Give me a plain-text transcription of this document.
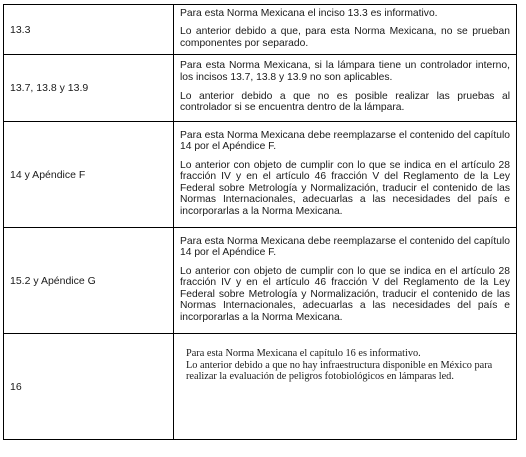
13.3	Para esta Norma Mexicana el inciso 13.3 es informativo.

Lo anterior debido a que, para esta Norma Mexicana, no se prueban componentes por separado.

13.7, 13.8 y 13.9	Para esta Norma Mexicana, si la lámpara tiene un controlador interno, los incisos 13.7, 13.8 y 13.9 no son aplicables.

Lo anterior debido a que no es posible realizar las pruebas al controlador si se encuentra dentro de la lámpara.

14 y Apéndice F	Para esta Norma Mexicana debe reemplazarse el contenido del capítulo 14 por el Apéndice F.

Lo anterior con objeto de cumplir con lo que se indica en el artículo 28 fracción IV y en el artículo 46 fracción V del Reglamento de la Ley Federal sobre Metrología y Normalización, traducir el contenido de las Normas Internacionales, adecuarlas a las necesidades del país e incorporarlas a la Norma Mexicana.

15.2 y Apéndice G	Para esta Norma Mexicana debe reemplazarse el contenido del capítulo 14 por el Apéndice F.

Lo anterior con objeto de cumplir con lo que se indica en el artículo 28 fracción IV y en el artículo 46 fracción V del Reglamento de la Ley Federal sobre Metrología y Normalización, traducir el contenido de las Normas Internacionales, adecuarlas a las necesidades del país e incorporarlas a la Norma Mexicana.

16	Para esta Norma Mexicana el capítulo 16 es informativo.

Lo anterior debido a que no hay infraestructura disponible en México para realizar la evaluación de peligros fotobiológicos en lámparas led.
